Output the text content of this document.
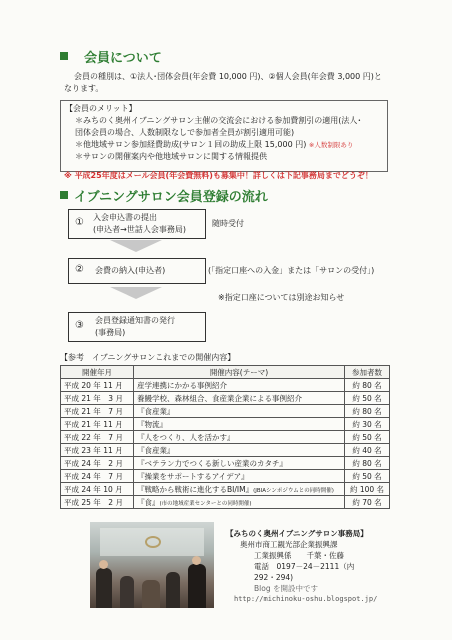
会員について
会員の種別は、①法人･団体会員(年会費 10,000 円)、②個人会員(年会費 3,000 円)と
なります。
【会員のメリット】
＊みちのく奥州イブニングサロン主催の交流会における参加費割引の適用(法人･
団体会員の場合、人数制限なしで参加者全員が割引適用可能)
＊他地域サロン参加経費助成(サロン１回の助成上限 15,000 円) ※人数制限あり
＊サロンの開催案内や他地域サロンに関する情報提供
※ 平成25年度はメール会員(年会費無料)も募集中！詳しくは下記事務局までどうぞ！
イブニングサロン会員登録の流れ
① 入会申込書の提出
(申込者→世話人会事務局)
随時受付
② 会費の納入(申込者)	(「指定口座への入金」または「サロンの受付」)
※指定口座については別途お知らせ
③ 会員登録通知書の発行
(事務局)
【参考　イブニングサロンこれまでの開催内容】
開催年月	開催内容(テーマ)	参加者数
平成 20 年 11 月	産学連携にかかる事例紹介	約 80 名
平成 21 年　3 月	養鰻学校、森林組合、食産業企業による事例紹介	約 50 名
平成 21 年　7 月	『食産業』	約 80 名
平成 21 年 11 月	『物流』	約 30 名
平成 22 年　7 月	『人をつくり、人を活かす』	約 50 名
平成 23 年 11 月	『食産業』	約 40 名
平成 24 年　2 月	『ベテラン力でつくる新しい産業のカタチ』	約 80 名
平成 24 年　7 月	『操業をサポートするアイデア』	約 50 名
平成 24 年 10 月	『戦略から戦術に進化するBI/IM』(JBIAシンポジウムとの同時開催)	約 100 名
平成 25 年　2 月	『食』(市の地域産業センターとの同時開催)	約 70 名
【みちのく奥州イブニングサロン事務局】
奥州市商工観光部企業振興課
工業振興係　　千葉・佐藤
電話　0197－24－2111（内 292・294)
Blog を開設中です
http://michinoku-oshu.blogspot.jp/
